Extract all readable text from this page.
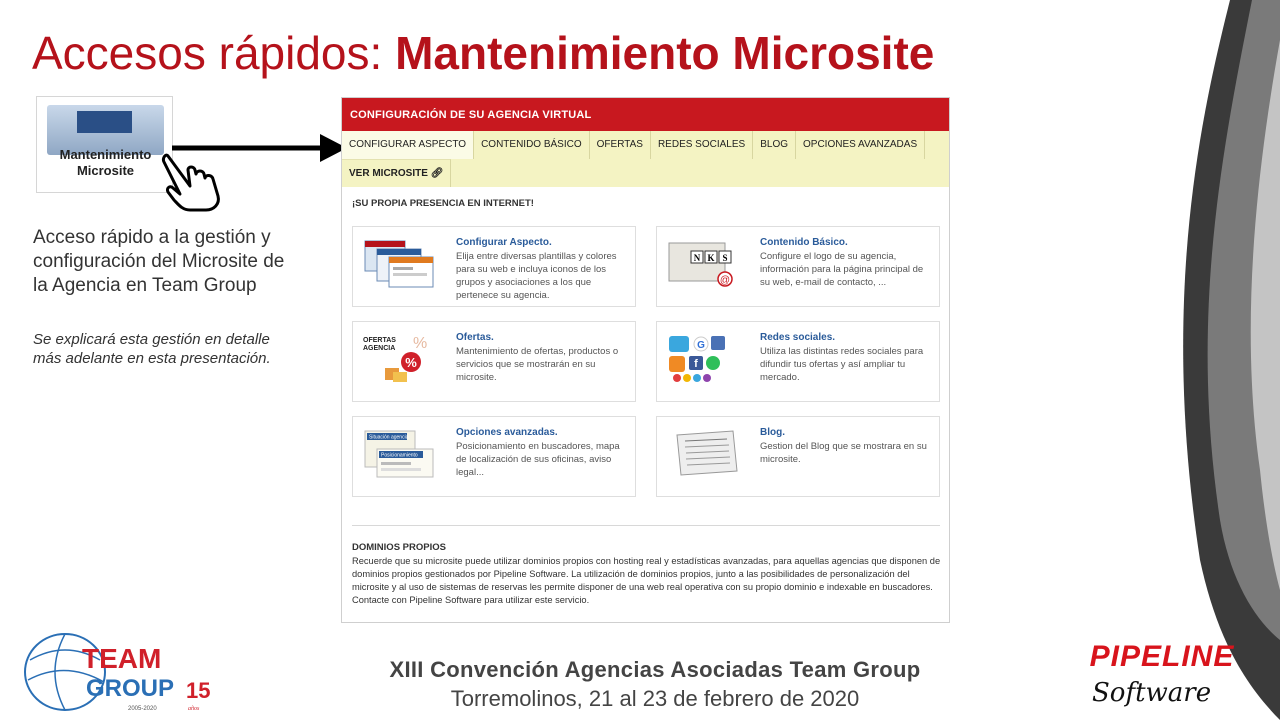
Accesos rápidos: Mantenimiento Microsite
Mantenimiento
Microsite
Acceso rápido a la gestión y configuración del Microsite de la Agencia en Team Group
Se explicará esta gestión en detalle más adelante en esta presentación.
CONFIGURACIÓN DE SU AGENCIA VIRTUAL
CONFIGURAR ASPECTO	CONTENIDO BÁSICO	OFERTAS	REDES SOCIALES	BLOG	OPCIONES AVANZADAS
VER MICROSITE 🔗︎
¡SU PROPIA PRESENCIA EN INTERNET!
Configurar Aspecto.
Elija entre diversas plantillas y colores para su web e incluya iconos de los grupos y asociaciones a los que pertenece su agencia.
N K S
@
Contenido Básico.
Configure el logo de su agencia, información para la página principal de su web, e-mail de contacto, ...
OFERTAS
AGENCIA %
%
Ofertas.
Mantenimiento de ofertas, productos o servicios que se mostrarán en su microsite.
G
f
Redes sociales.
Utiliza las distintas redes sociales para difundir tus ofertas y así ampliar tu mercado.
Situación agencia
Posicionamiento
Opciones avanzadas.
Posicionamiento en buscadores, mapa de localización de sus oficinas, aviso legal...
Blog.
Gestion del Blog que se mostrara en su microsite.
DOMINIOS PROPIOS
Recuerde que su microsite puede utilizar dominios propios con hosting real y estadísticas avanzadas, para aquellas agencias que disponen de dominios propios gestionados por Pipeline Software. La utilización de dominios propios, junto a las posibilidades de personalización del microsite y al uso de sistemas de reservas les permite disponer de una web real operativa con su propio dominio e indexable en buscadores. Contacte con Pipeline Software para utilizar este servicio.
XIII Convención Agencias Asociadas Team Group
Torremolinos, 21 al 23 de febrero de 2020
TEAM
GROUP 15
años
2005-2020
PIPELINE
Software
